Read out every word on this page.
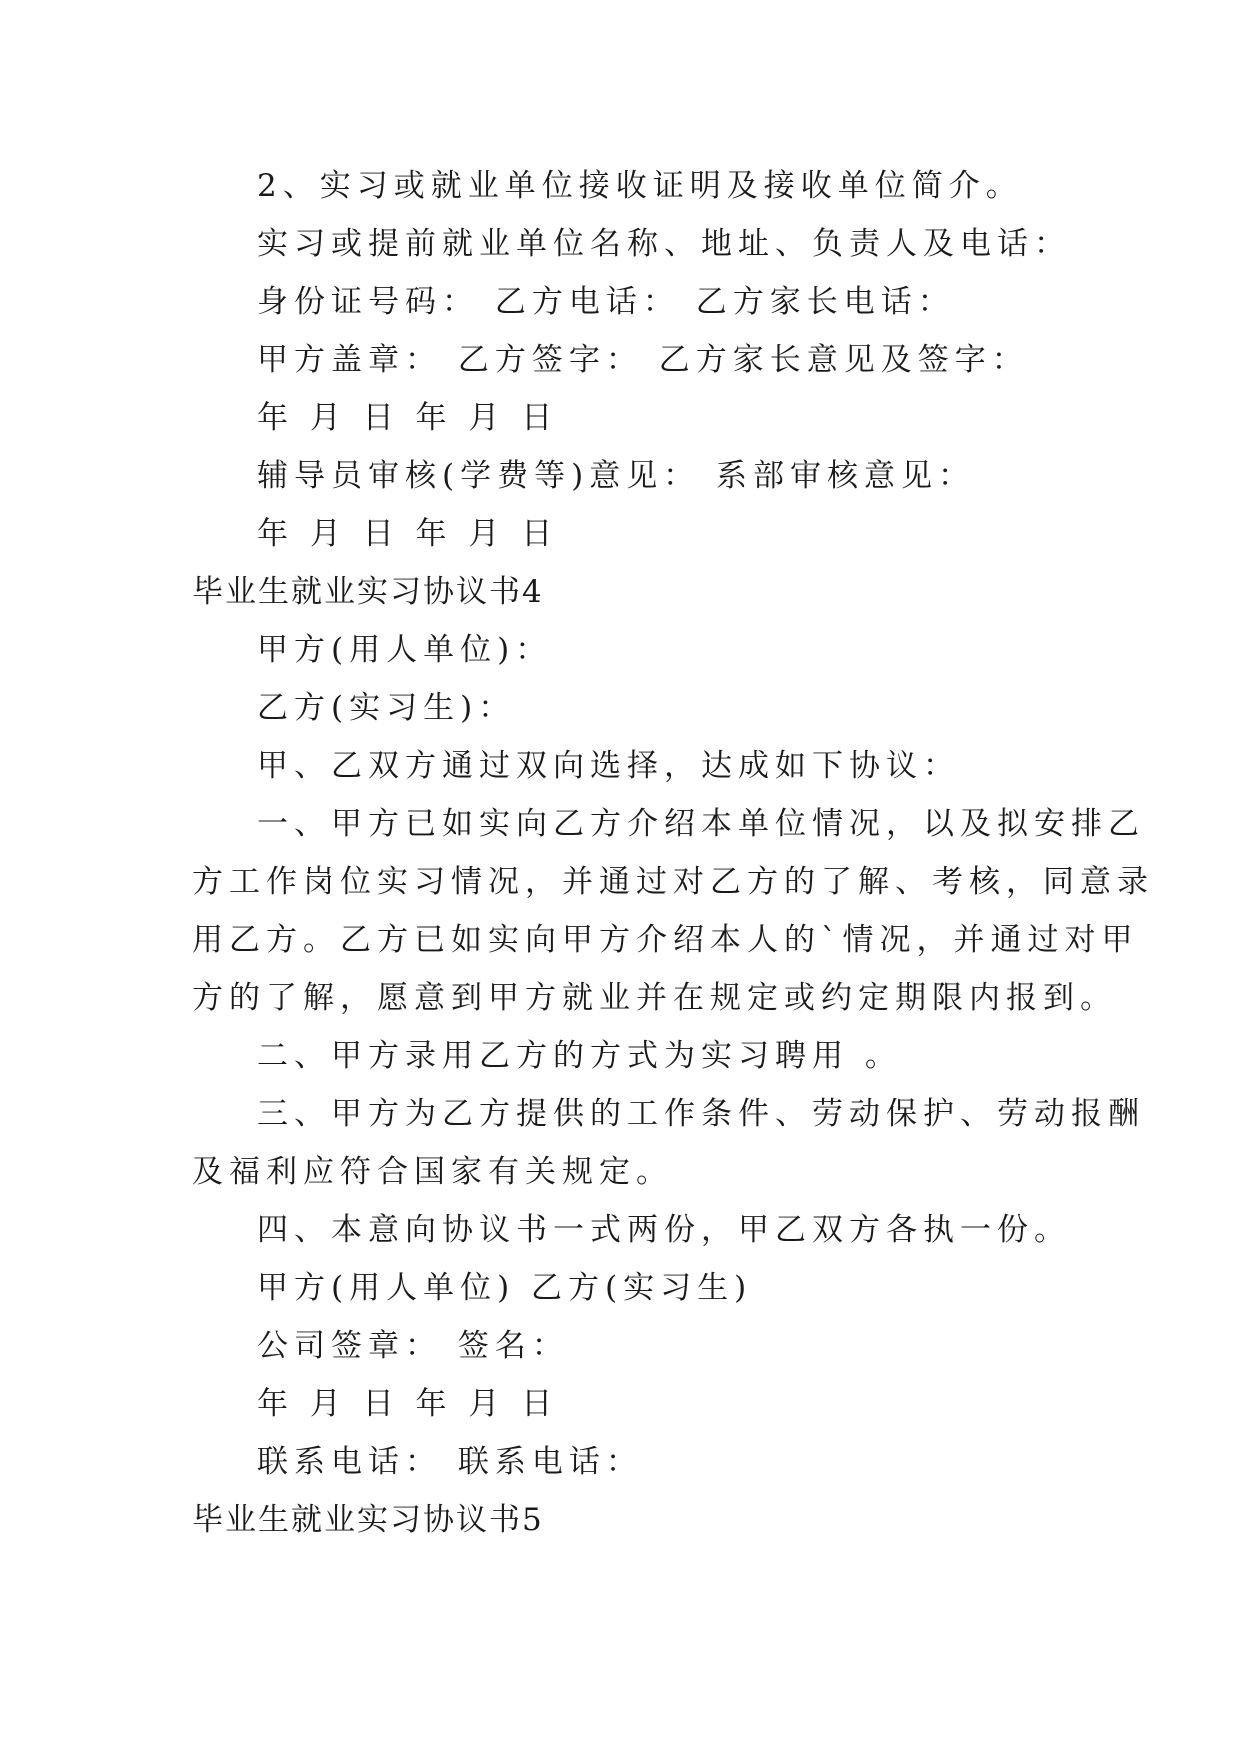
2、实习或就业单位接收证明及接收单位简介。
实习或提前就业单位名称、地址、负责人及电话：
身份证号码： 乙方电话： 乙方家长电话：
甲方盖章： 乙方签字： 乙方家长意见及签字：
年 月 日 年 月 日
辅导员审核(学费等)意见： 系部审核意见：
年 月 日 年 月 日
毕业生就业实习协议书4
甲方(用人单位)：
乙方(实习生)：
甲、乙双方通过双向选择，达成如下协议：
一、甲方已如实向乙方介绍本单位情况，以及拟安排乙
方工作岗位实习情况，并通过对乙方的了解、考核，同意录
用乙方。乙方已如实向甲方介绍本人的`情况，并通过对甲
方的了解，愿意到甲方就业并在规定或约定期限内报到。
二、甲方录用乙方的方式为实习聘用 。
三、甲方为乙方提供的工作条件、劳动保护、劳动报酬
及福利应符合国家有关规定。
四、本意向协议书一式两份，甲乙双方各执一份。
甲方(用人单位) 乙方(实习生)
公司签章： 签名：
年 月 日 年 月 日
联系电话： 联系电话：
毕业生就业实习协议书5
